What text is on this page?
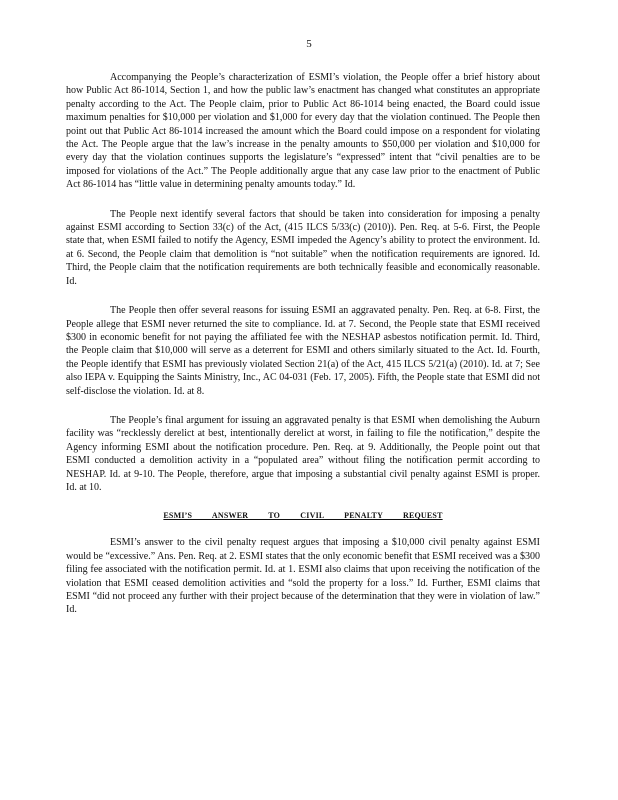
5

Accompanying the People’s characterization of ESMI’s violation, the People offer a brief history about how Public Act 86-1014, Section 1, and how the public law’s enactment has changed what constitutes an appropriate penalty according to the Act. The People claim, prior to Public Act 86-1014 being enacted, the Board could issue maximum penalties for $10,000 per violation and $1,000 for every day that the violation continued. The People then point out that Public Act 86-1014 increased the amount which the Board could impose on a respondent for violating the Act. The People argue that the law’s increase in the penalty amounts to $50,000 per violation and $10,000 for every day that the violation continues supports the legislature’s “expressed” intent that “civil penalties are to be imposed for violations of the Act.” The People additionally argue that any case law prior to the enactment of Public Act 86-1014 has “little value in determining penalty amounts today.” Id.

The People next identify several factors that should be taken into consideration for imposing a penalty against ESMI according to Section 33(c) of the Act, (415 ILCS 5/33(c) (2010)). Pen. Req. at 5-6. First, the People state that, when ESMI failed to notify the Agency, ESMI impeded the Agency’s ability to protect the environment. Id. at 6. Second, the People claim that demolition is “not suitable” when the notification requirements are ignored. Id. Third, the People claim that the notification requirements are both technically feasible and economically reasonable. Id.

The People then offer several reasons for issuing ESMI an aggravated penalty. Pen. Req. at 6-8. First, the People allege that ESMI never returned the site to compliance. Id. at 7. Second, the People state that ESMI received $300 in economic benefit for not paying the affiliated fee with the NESHAP asbestos notification permit. Id. Third, the People claim that $10,000 will serve as a deterrent for ESMI and others similarly situated to the Act. Id. Fourth, the People identify that ESMI has previously violated Section 21(a) of the Act, 415 ILCS 5/21(a) (2010). Id. at 7; See also IEPA v. Equipping the Saints Ministry, Inc., AC 04-031 (Feb. 17, 2005). Fifth, the People state that ESMI did not self-disclose the violation. Id. at 8.

The People’s final argument for issuing an aggravated penalty is that ESMI when demolishing the Auburn facility was “recklessly derelict at best, intentionally derelict at worst, in failing to file the notification,” despite the Agency informing ESMI about the notification procedure. Pen. Req. at 9. Additionally, the People point out that ESMI conducted a demolition activity in a “populated area” without filing the notification permit according to NESHAP. Id. at 9-10. The People, therefore, argue that imposing a substantial civil penalty against ESMI is proper. Id. at 10.

ESMI’S ANSWER TO CIVIL PENALTY REQUEST

ESMI’s answer to the civil penalty request argues that imposing a $10,000 civil penalty against ESMI would be “excessive.” Ans. Pen. Req. at 2. ESMI states that the only economic benefit that ESMI received was a $300 filing fee associated with the notification permit. Id. at 1. ESMI also claims that upon receiving the notification of the violation that ESMI ceased demolition activities and “sold the property for a loss.” Id. Further, ESMI claims that ESMI “did not proceed any further with their project because of the determination that they were in violation of law.” Id.
